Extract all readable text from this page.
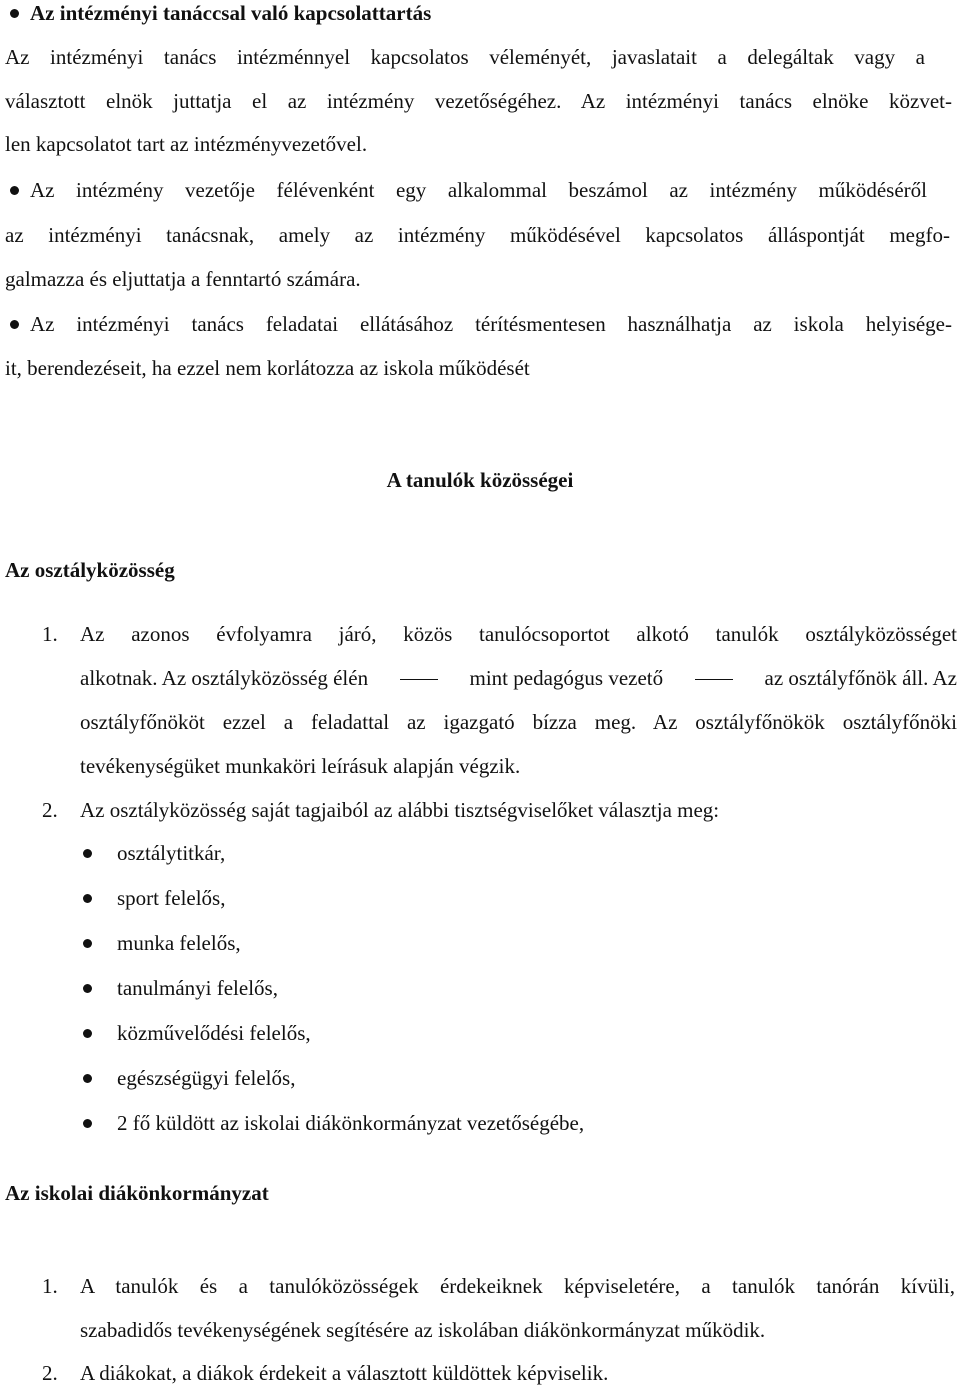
Az intézményi tanáccsal való kapcsolattartás
Az intézményi tanács intézménnyel kapcsolatos véleményét, javaslatait a delegáltak vagy a
választott elnök juttatja el az intézmény vezetőségéhez. Az intézményi tanács elnöke közvet-
len kapcsolatot tart az intézményvezetővel.
Az intézmény vezetője félévenként egy alkalommal beszámol az intézmény működéséről
az intézményi tanácsnak, amely az intézmény működésével kapcsolatos álláspontját megfo-
galmazza és eljuttatja a fenntartó számára.
Az intézményi tanács feladatai ellátásához térítésmentesen használhatja az iskola helyisége-
it, berendezéseit, ha ezzel nem korlátozza az iskola működését
A tanulók közösségei
Az osztályközösség
1. Az azonos évfolyamra járó, közös tanulócsoportot alkotó tanulók osztályközösséget
alkotnak. Az osztályközösség élén	mint pedagógus vezető	az osztályfőnök áll. Az
osztályfőnököt ezzel a feladattal az igazgató bízza meg. Az osztályfőnökök osztályfőnöki
tevékenységüket munkaköri leírásuk alapján végzik.
2. Az osztályközösség saját tagjaiból az alábbi tisztségviselőket választja meg:
osztálytitkár,
sport felelős,
munka felelős,
tanulmányi felelős,
közművelődési felelős,
egészségügyi felelős,
2 fő küldött az iskolai diákönkormányzat vezetőségébe,
Az iskolai diákönkormányzat
1. A tanulók és a tanulóközösségek érdekeiknek képviseletére, a tanulók tanórán kívüli,
szabadidős tevékenységének segítésére az iskolában diákönkormányzat működik.
2. A diákokat, a diákok érdekeit a választott küldöttek képviselik.
